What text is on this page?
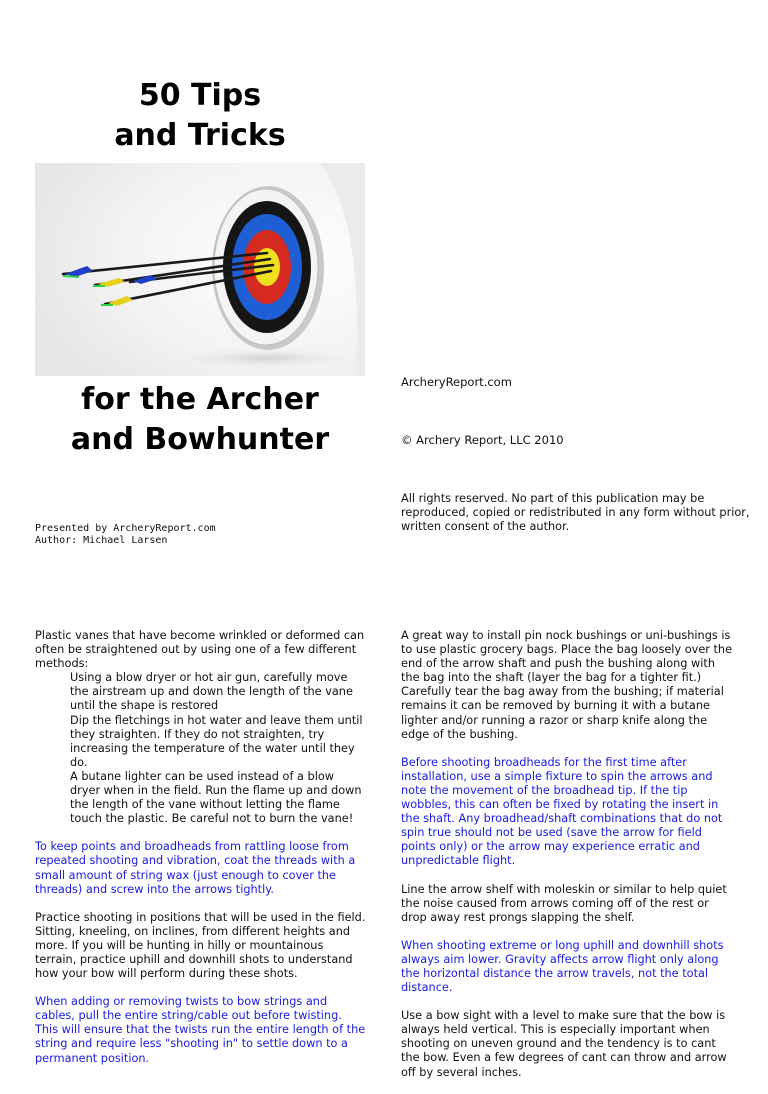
50 Tips
and Tricks
for the Archer
and Bowhunter
Presented by ArcheryReport.com
Author: Michael Larsen
ArcheryReport.com
© Archery Report, LLC 2010
All rights reserved. No part of this publication may be
reproduced, copied or redistributed in any form without prior,
written consent of the author.

Plastic vanes that have become wrinkled or deformed can often be straightened out by using one of a few different methods:

Using a blow dryer or hot air gun, carefully move the airstream up and down the length of the vane until the shape is restored
Dip the fletchings in hot water and leave them until they straighten. If they do not straighten, try increasing the temperature of the water until they do.
A butane lighter can be used instead of a blow dryer when in the field. Run the flame up and down the length of the vane without letting the flame touch the plastic. Be careful not to burn the vane!

To keep points and broadheads from rattling loose from repeated shooting and vibration, coat the threads with a small amount of string wax (just enough to cover the threads) and screw into the arrows tightly.

Practice shooting in positions that will be used in the field. Sitting, kneeling, on inclines, from different heights and more. If you will be hunting in hilly or mountainous terrain, practice uphill and downhill shots to understand how your bow will perform during these shots.

When adding or removing twists to bow strings and cables, pull the entire string/cable out before twisting. This will ensure that the twists run the entire length of the string and require less "shooting in" to settle down to a permanent position.

A great way to install pin nock bushings or uni-bushings is to use plastic grocery bags. Place the bag loosely over the end of the arrow shaft and push the bushing along with the bag into the shaft (layer the bag for a tighter fit.) Carefully tear the bag away from the bushing; if material remains it can be removed by burning it with a butane lighter and/or running a razor or sharp knife along the edge of the bushing.

Before shooting broadheads for the first time after installation, use a simple fixture to spin the arrows and note the movement of the broadhead tip. If the tip wobbles, this can often be fixed by rotating the insert in the shaft. Any broadhead/shaft combinations that do not spin true should not be used (save the arrow for field points only) or the arrow may experience erratic and unpredictable flight.

Line the arrow shelf with moleskin or similar to help quiet the noise caused from arrows coming off of the rest or drop away rest prongs slapping the shelf.

When shooting extreme or long uphill and downhill shots always aim lower. Gravity affects arrow flight only along the horizontal distance the arrow travels, not the total distance.

Use a bow sight with a level to make sure that the bow is always held vertical. This is especially important when shooting on uneven ground and the tendency is to cant the bow. Even a few degrees of cant can throw and arrow off by several inches.
